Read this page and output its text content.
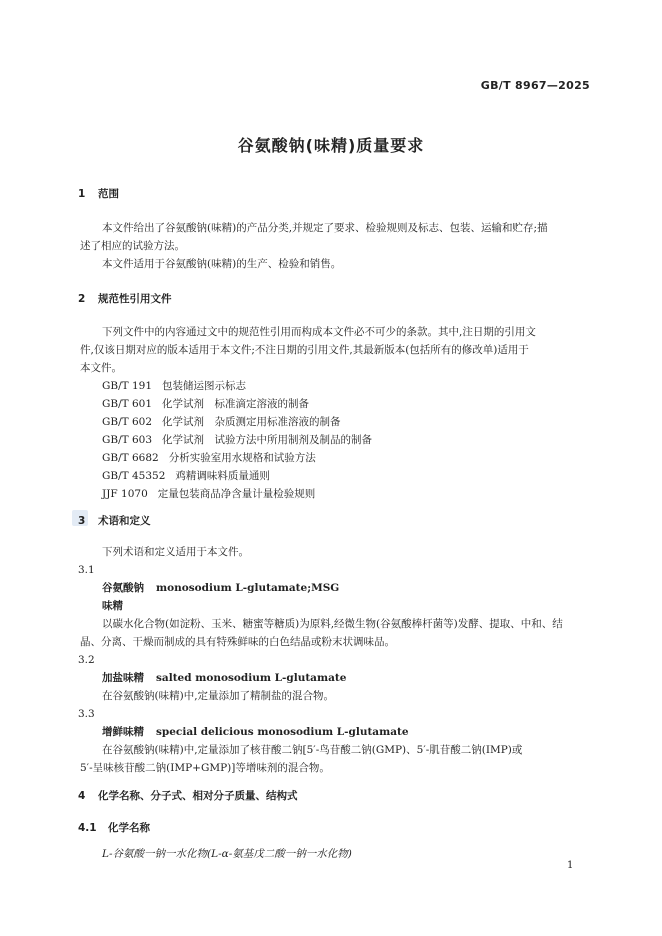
GB/T 8967—2025
谷氨酸钠(味精)质量要求
1 范围
本文件给出了谷氨酸钠(味精)的产品分类,并规定了要求、检验规则及标志、包装、运输和贮存;描
述了相应的试验方法。
本文件适用于谷氨酸钠(味精)的生产、检验和销售。
2 规范性引用文件
下列文件中的内容通过文中的规范性引用而构成本文件必不可少的条款。其中,注日期的引用文
件,仅该日期对应的版本适用于本文件;不注日期的引用文件,其最新版本(包括所有的修改单)适用于
本文件。
GB/T 191 包装储运图示标志
GB/T 601 化学试剂　标准滴定溶液的制备
GB/T 602 化学试剂　杂质测定用标准溶液的制备
GB/T 603 化学试剂　试验方法中所用制剂及制品的制备
GB/T 6682 分析实验室用水规格和试验方法
GB/T 45352 鸡精调味料质量通则
JJF 1070 定量包装商品净含量计量检验规则
3 术语和定义
下列术语和定义适用于本文件。
3.1
谷氨酸钠 monosodium L-glutamate;MSG
味精
以碳水化合物(如淀粉、玉米、糖蜜等糖质)为原料,经微生物(谷氨酸棒杆菌等)发酵、提取、中和、结
晶、分离、干燥而制成的具有特殊鲜味的白色结晶或粉末状调味品。
3.2
加盐味精 salted monosodium L-glutamate
在谷氨酸钠(味精)中,定量添加了精制盐的混合物。
3.3
增鲜味精 special delicious monosodium L-glutamate
在谷氨酸钠(味精)中,定量添加了核苷酸二钠[5′-鸟苷酸二钠(GMP)、5′-肌苷酸二钠(IMP)或
5′-呈味核苷酸二钠(IMP+GMP)]等增味剂的混合物。
4 化学名称、分子式、相对分子质量、结构式
4.1 化学名称
L-谷氨酸一钠一水化物(L-α-氨基戊二酸一钠一水化物)
1
